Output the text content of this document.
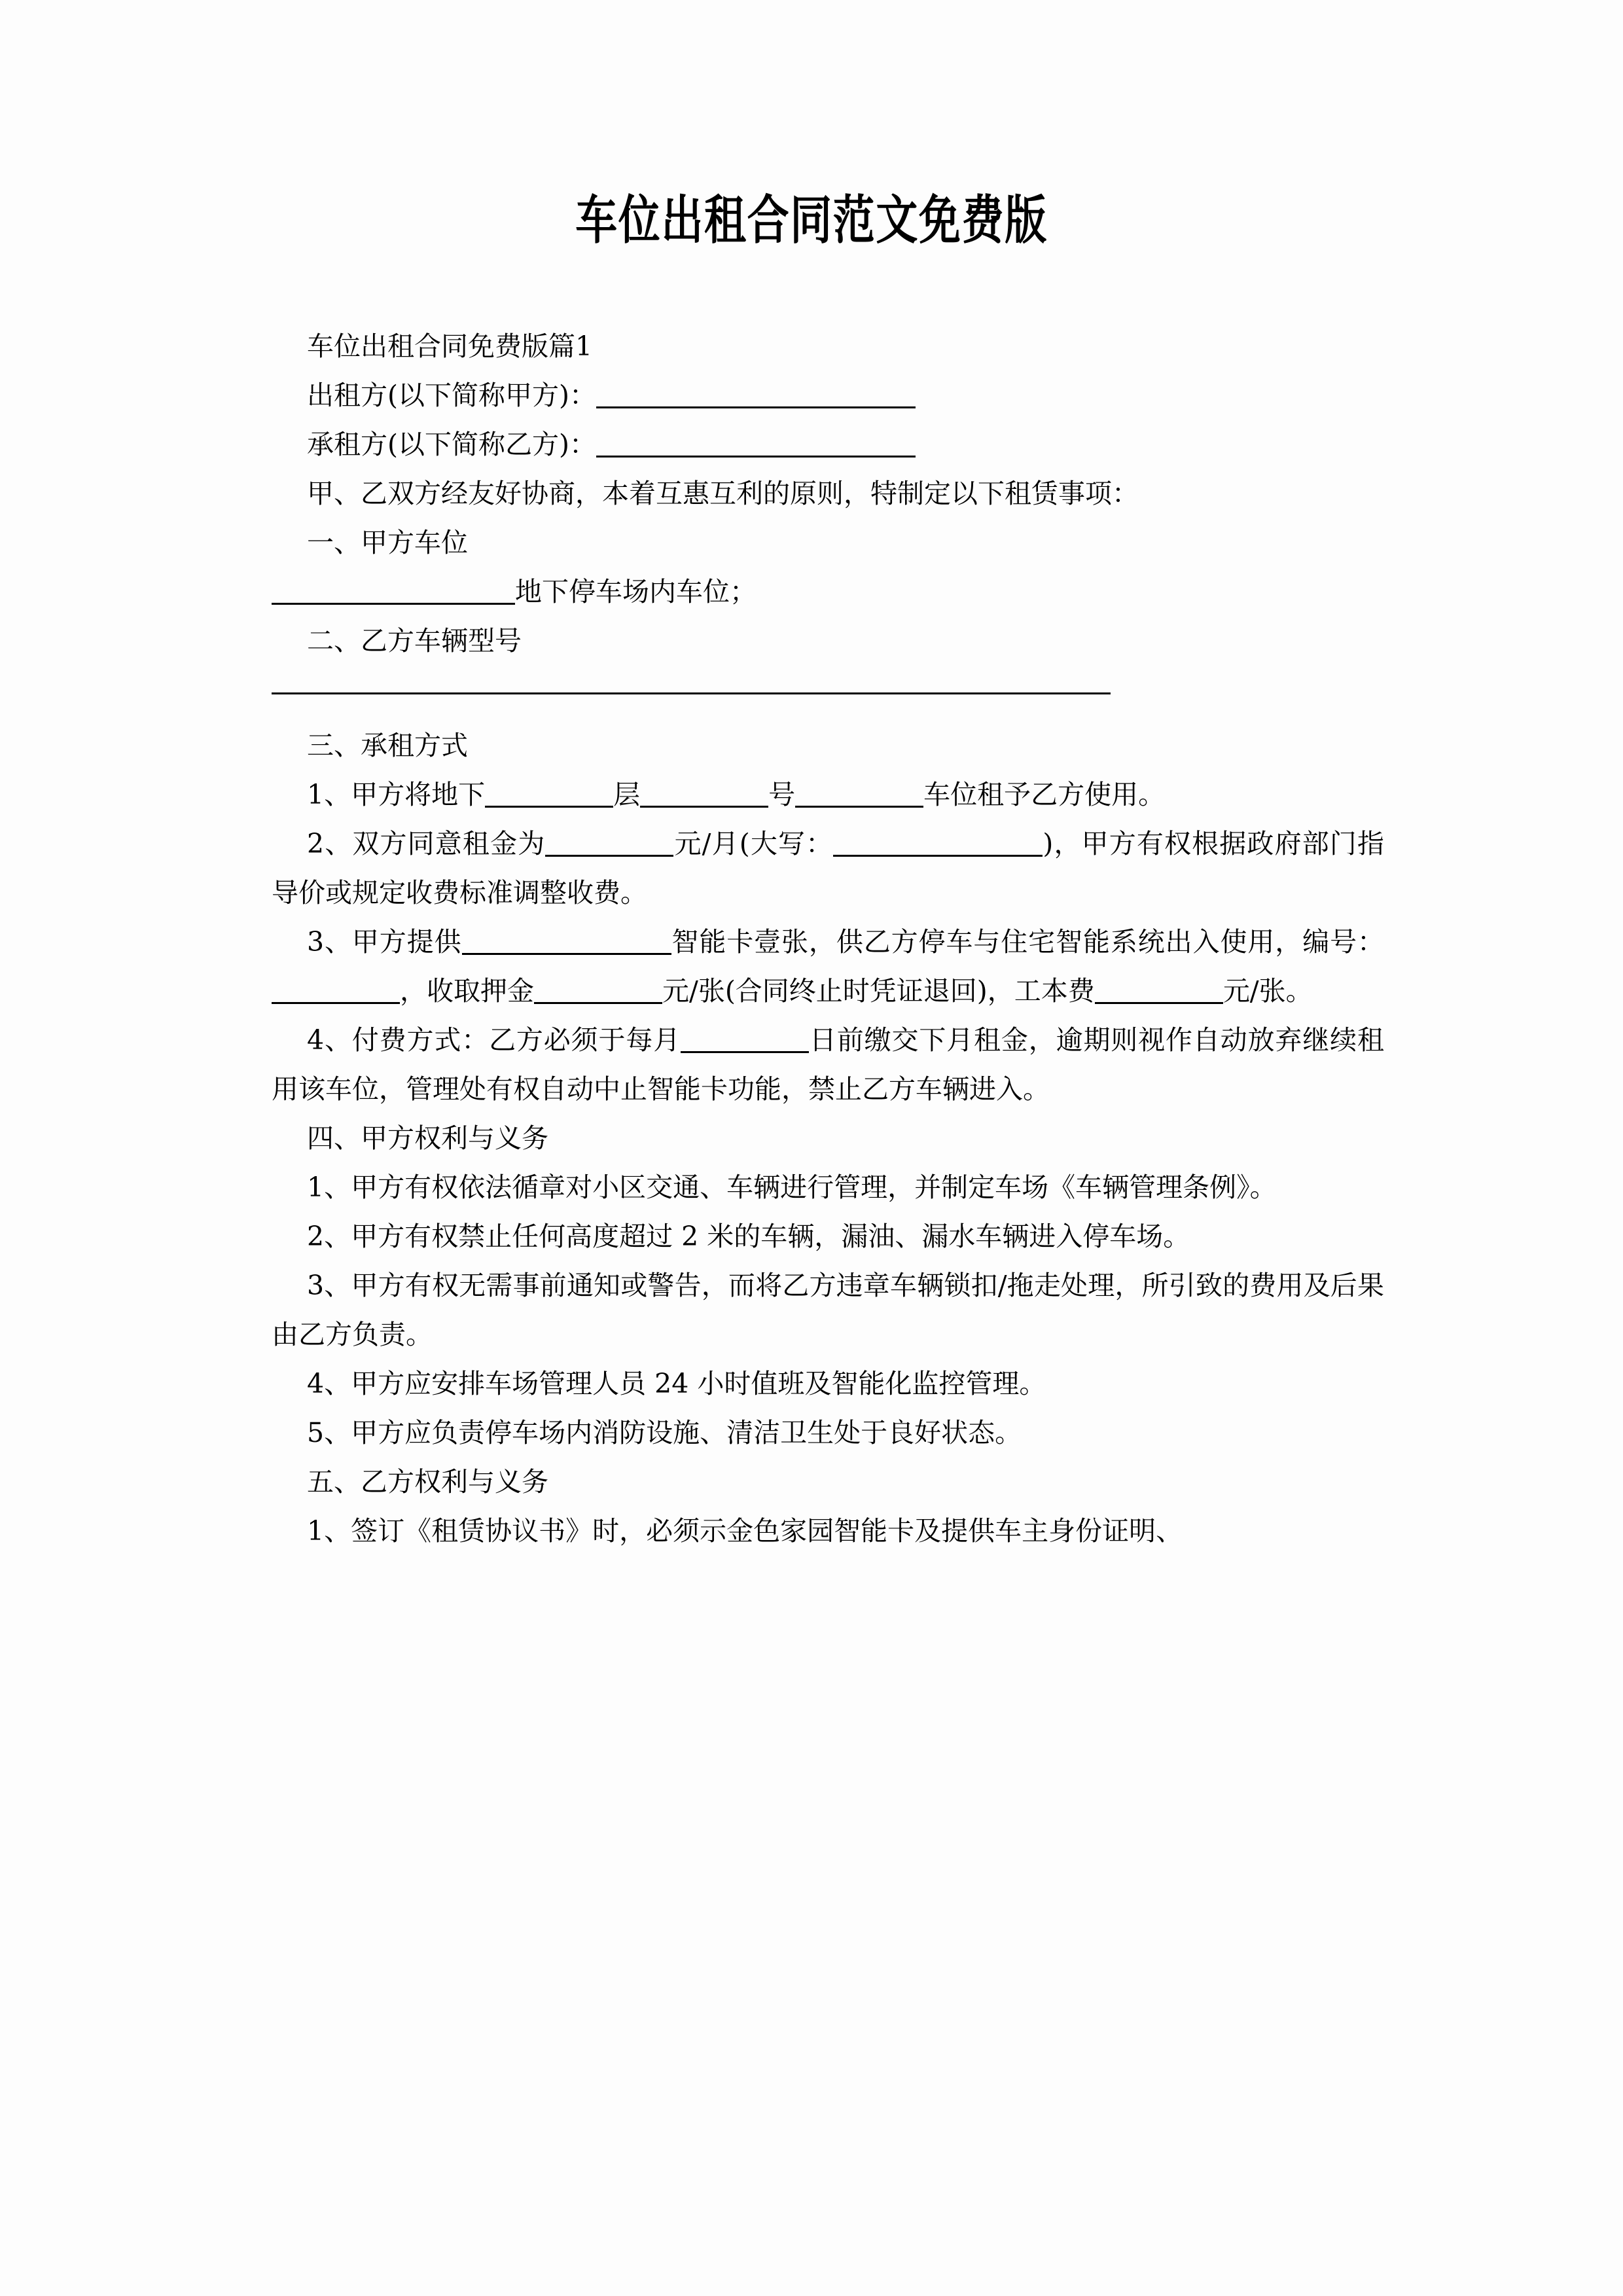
车位出租合同范文免费版

车位出租合同免费版篇1

出租方(以下简称甲方)：

承租方(以下简称乙方)：

甲、乙双方经友好协商，本着互惠互利的原则，特制定以下租赁事项：

一、甲方车位

地下停车场内车位；

二、乙方车辆型号

三、承租方式

1、甲方将地下	层	号	车位租予乙方使用。

2、双方同意租金为	元/月(大写：	)，甲方有权根据政府部门指导价或规定收费标准调整收费。

3、甲方提供	智能卡壹张，供乙方停车与住宅智能系统出入使用，编号：，收取押金	元/张(合同终止时凭证退回)，工本费	元/张。

4、付费方式：乙方必须于每月	日前缴交下月租金，逾期则视作自动放弃继续租用该车位，管理处有权自动中止智能卡功能，禁止乙方车辆进入。

四、甲方权利与义务

1、甲方有权依法循章对小区交通、车辆进行管理，并制定车场《车辆管理条例》。

2、甲方有权禁止任何高度超过 2 米的车辆，漏油、漏水车辆进入停车场。

3、甲方有权无需事前通知或警告，而将乙方违章车辆锁扣/拖走处理，所引致的费用及后果由乙方负责。

4、甲方应安排车场管理人员 24 小时值班及智能化监控管理。

5、甲方应负责停车场内消防设施、清洁卫生处于良好状态。

五、乙方权利与义务

1、签订《租赁协议书》时，必须示金色家园智能卡及提供车主身份证明、
